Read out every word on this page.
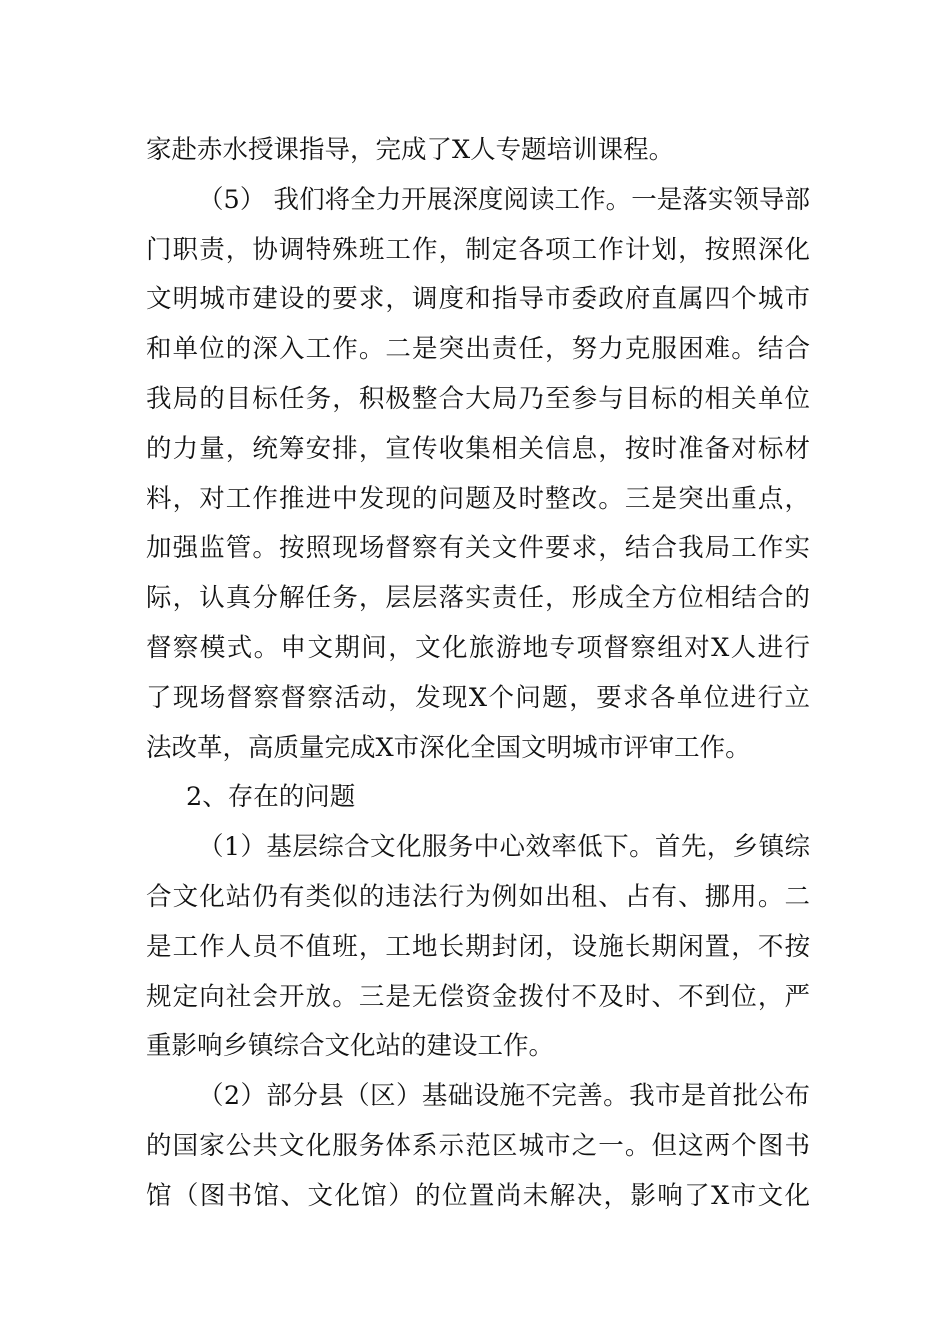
家赴赤水授课指导，完成了X人专题培训课程。
（5） 我们将全力开展深度阅读工作。一是落实领导部
门职责，协调特殊班工作，制定各项工作计划，按照深化
文明城市建设的要求，调度和指导市委政府直属四个城市
和单位的深入工作。二是突出责任，努力克服困难。结合
我局的目标任务，积极整合大局乃至参与目标的相关单位
的力量，统筹安排，宣传收集相关信息，按时准备对标材
料，对工作推进中发现的问题及时整改。三是突出重点，
加强监管。按照现场督察有关文件要求，结合我局工作实
际，认真分解任务，层层落实责任，形成全方位相结合的
督察模式。申文期间，文化旅游地专项督察组对X人进行
了现场督察督察活动，发现X个问题，要求各单位进行立
法改革，高质量完成X市深化全国文明城市评审工作。
2、存在的问题
（1）基层综合文化服务中心效率低下。首先，乡镇综
合文化站仍有类似的违法行为例如出租、占有、挪用。二
是工作人员不值班，工地长期封闭，设施长期闲置，不按
规定向社会开放。三是无偿资金拨付不及时、不到位，严
重影响乡镇综合文化站的建设工作。
（2）部分县（区）基础设施不完善。我市是首批公布
的国家公共文化服务体系示范区城市之一。但这两个图书
馆（图书馆、文化馆）的位置尚未解决，影响了X市文化
